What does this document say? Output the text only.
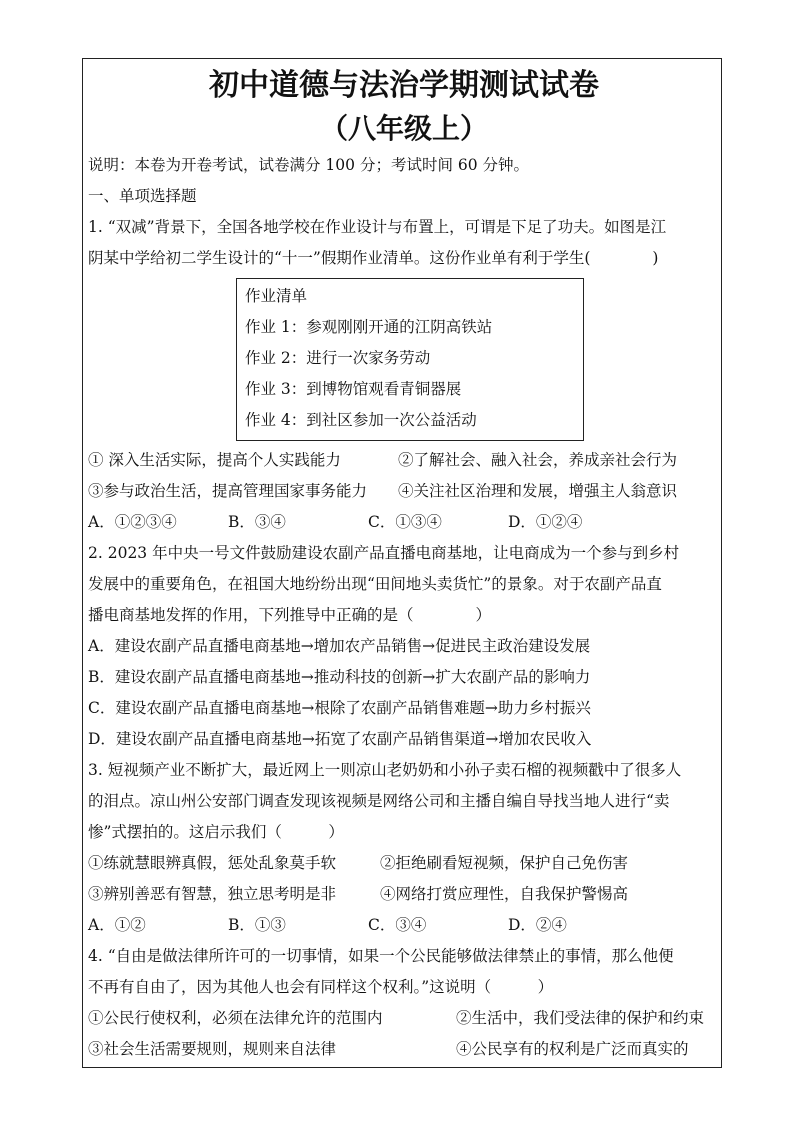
初中道德与法治学期测试试卷
（八年级上）
说明：本卷为开卷考试，试卷满分 100 分；考试时间 60 分钟。
一、单项选择题
1. “双减”背景下，全国各地学校在作业设计与布置上，可谓是下足了功夫。如图是江
阴某中学给初二学生设计的“十一”假期作业清单。这份作业单有利于学生(　　　　)
作业清单
作业 1：参观刚刚开通的江阴高铁站
作业 2：进行一次家务劳动
作业 3：到博物馆观看青铜器展
作业 4：到社区参加一次公益活动
① 深入生活实际，提高个人实践能力	②了解社会、融入社会，养成亲社会行为
③参与政治生活，提高管理国家事务能力	④关注社区治理和发展，增强主人翁意识
A．①②③④	B．③④	C．①③④	D．①②④
2. 2023 年中央一号文件鼓励建设农副产品直播电商基地，让电商成为一个参与到乡村
发展中的重要角色，在祖国大地纷纷出现“田间地头卖货忙”的景象。对于农副产品直
播电商基地发挥的作用，下列推导中正确的是（　　　　）
A．建设农副产品直播电商基地→增加农产品销售→促进民主政治建设发展
B．建设农副产品直播电商基地→推动科技的创新→扩大农副产品的影响力
C．建设农副产品直播电商基地→根除了农副产品销售难题→助力乡村振兴
D．建设农副产品直播电商基地→拓宽了农副产品销售渠道→增加农民收入
3. 短视频产业不断扩大，最近网上一则凉山老奶奶和小孙子卖石榴的视频戳中了很多人
的泪点。凉山州公安部门调查发现该视频是网络公司和主播自编自导找当地人进行“卖
惨”式摆拍的。这启示我们（　　　）
①练就慧眼辨真假，惩处乱象莫手软	②拒绝刷看短视频，保护自己免伤害
③辨别善恶有智慧，独立思考明是非	④网络打赏应理性，自我保护警惕高
A．①②	B．①③	C．③④	D．②④
4. “自由是做法律所许可的一切事情，如果一个公民能够做法律禁止的事情，那么他便
不再有自由了，因为其他人也会有同样这个权利。”这说明（　　　）
①公民行使权利，必须在法律允许的范围内	②生活中，我们受法律的保护和约束
③社会生活需要规则，规则来自法律	④公民享有的权利是广泛而真实的
